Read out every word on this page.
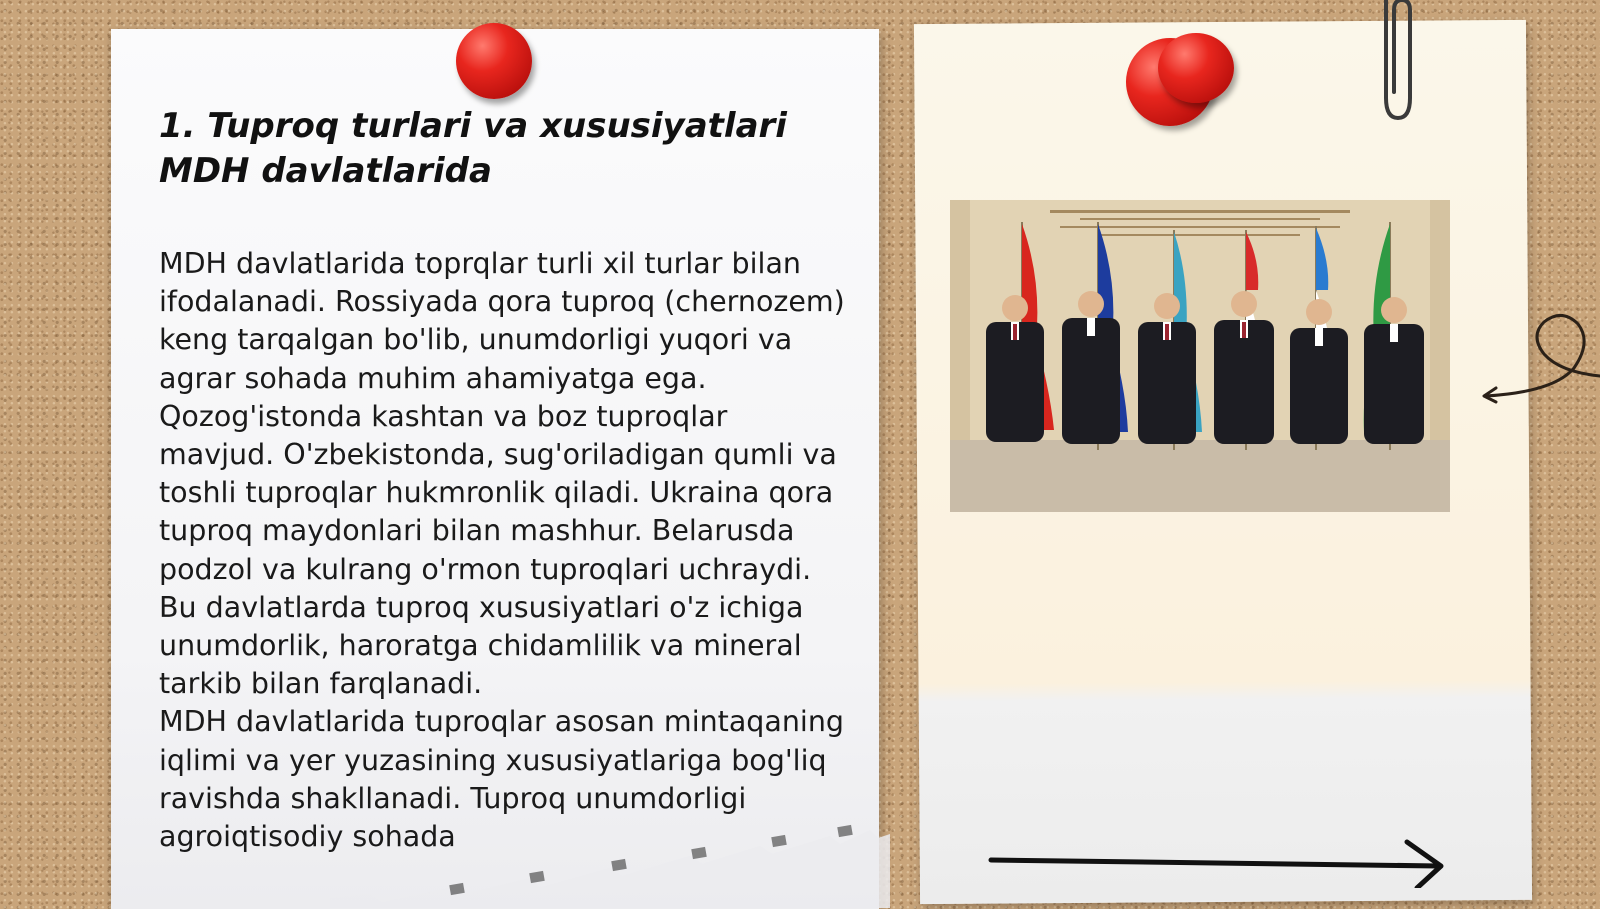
1. Tuproq turlari va xususiyatlari MDH davlatlarida

MDH davlatlarida toprqlar turli xil turlar bilan ifodalanadi. Rossiyada qora tuproq (chernozem) keng tarqalgan bo'lib, unumdorligi yuqori va agrar sohada muhim ahamiyatga ega. Qozog'istonda kashtan va boz tuproqlar mavjud. O'zbekistonda, sug'oriladigan qumli va toshli tuproqlar hukmronlik qiladi. Ukraina qora tuproq maydonlari bilan mashhur. Belarusda podzol va kulrang o'rmon tuproqlari uchraydi. Bu davlatlarda tuproq xususiyatlari o'z ichiga unumdorlik, haroratga chidamlilik va mineral tarkib bilan farqlanadi.

MDH davlatlarida tuproqlar asosan mintaqaning iqlimi va yer yuzasining xususiyatlariga bog'liq ravishda shakllanadi. Tuproq unumdorligi agroiqtisodiy sohada
